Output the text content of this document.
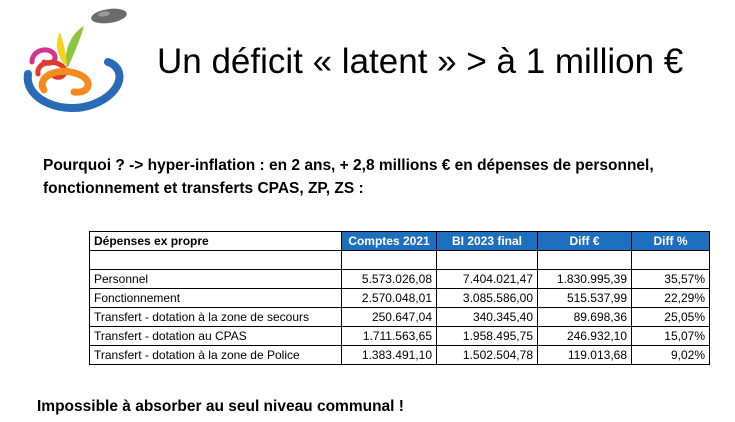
Un déficit « latent » > à 1 million €
Pourquoi ? -> hyper-inflation : en 2 ans, + 2,8 millions € en dépenses de personnel, fonctionnement et transferts CPAS, ZP, ZS :
Dépenses ex propre	Comptes 2021	BI 2023 final	Diff €	Diff %

Personnel	5.573.026,08	7.404.021,47	1.830.995,39	35,57%
Fonctionnement	2.570.048,01	3.085.586,00	515.537,99	22,29%
Transfert - dotation à la zone de secours	250.647,04	340.345,40	89.698,36	25,05%
Transfert - dotation au CPAS	1.711.563,65	1.958.495,75	246.932,10	15,07%
Transfert - dotation à la zone de Police	1.383.491,10	1.502.504,78	119.013,68	9,02%
Impossible à absorber au seul niveau communal !
